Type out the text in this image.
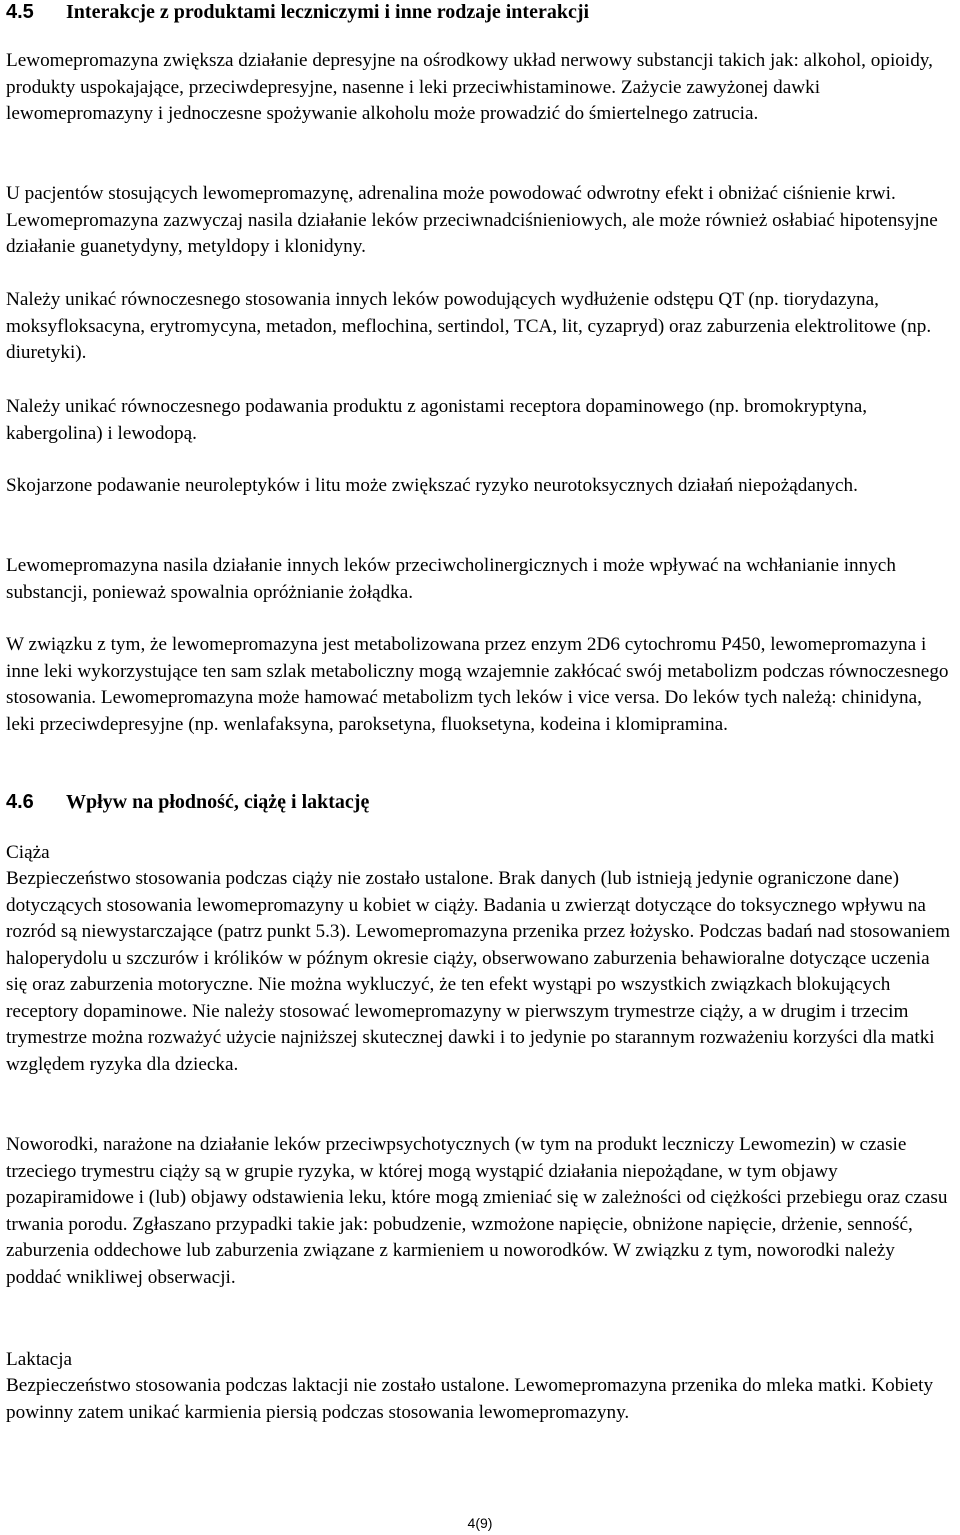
4.5 Interakcje z produktami leczniczymi i inne rodzaje interakcji

Lewomepromazyna zwiększa działanie depresyjne na ośrodkowy układ nerwowy substancji takich jak: alkohol, opioidy, produkty uspokajające, przeciwdepresyjne, nasenne i leki przeciwhistaminowe. Zażycie zawyżonej dawki lewomepromazyny i jednoczesne spożywanie alkoholu może prowadzić do śmiertelnego zatrucia.

U pacjentów stosujących lewomepromazynę, adrenalina może powodować odwrotny efekt i obniżać ciśnienie krwi. Lewomepromazyna zazwyczaj nasila działanie leków przeciwnadciśnieniowych, ale może również osłabiać hipotensyjne działanie guanetydyny, metyldopy i klonidyny.

Należy unikać równoczesnego stosowania innych leków powodujących wydłużenie odstępu QT (np. tiorydazyna, moksyfloksacyna, erytromycyna, metadon, meflochina, sertindol, TCA, lit, cyzapryd) oraz zaburzenia elektrolitowe (np. diuretyki).

Należy unikać równoczesnego podawania produktu z agonistami receptora dopaminowego (np. bromokryptyna, kabergolina) i lewodopą.

Skojarzone podawanie neuroleptyków i litu może zwiększać ryzyko neurotoksycznych działań niepożądanych.

Lewomepromazyna nasila działanie innych leków przeciwcholinergicznych i może wpływać na wchłanianie innych substancji, ponieważ spowalnia opróżnianie żołądka.

W związku z tym, że lewomepromazyna jest metabolizowana przez enzym 2D6 cytochromu P450, lewomepromazyna i inne leki wykorzystujące ten sam szlak metaboliczny mogą wzajemnie zakłócać swój metabolizm podczas równoczesnego stosowania. Lewomepromazyna może hamować metabolizm tych leków i vice versa. Do leków tych należą: chinidyna, leki przeciwdepresyjne (np. wenlafaksyna, paroksetyna, fluoksetyna, kodeina i klomipramina.

4.6 Wpływ na płodność, ciążę i laktację

Ciąża

Bezpieczeństwo stosowania podczas ciąży nie zostało ustalone. Brak danych (lub istnieją jedynie ograniczone dane) dotyczących stosowania lewomepromazyny u kobiet w ciąży. Badania u zwierząt dotyczące do toksycznego wpływu na rozród są niewystarczające (patrz punkt 5.3). Lewomepromazyna przenika przez łożysko. Podczas badań nad stosowaniem haloperydolu u szczurów i królików w późnym okresie ciąży, obserwowano zaburzenia behawioralne dotyczące uczenia się oraz zaburzenia motoryczne. Nie można wykluczyć, że ten efekt wystąpi po wszystkich związkach blokujących receptory dopaminowe. Nie należy stosować lewomepromazyny w pierwszym trymestrze ciąży, a w drugim i trzecim trymestrze można rozważyć użycie najniższej skutecznej dawki i to jedynie po starannym rozważeniu korzyści dla matki względem ryzyka dla dziecka.

Noworodki, narażone na działanie leków przeciwpsychotycznych (w tym na produkt leczniczy Lewomezin) w czasie trzeciego trymestru ciąży są w grupie ryzyka, w której mogą wystąpić działania niepożądane, w tym objawy pozapiramidowe i (lub) objawy odstawienia leku, które mogą zmieniać się w zależności od ciężkości przebiegu oraz czasu trwania porodu. Zgłaszano przypadki takie jak: pobudzenie, wzmożone napięcie, obniżone napięcie, drżenie, senność, zaburzenia oddechowe lub zaburzenia związane z karmieniem u noworodków. W związku z tym, noworodki należy poddać wnikliwej obserwacji.

Laktacja

Bezpieczeństwo stosowania podczas laktacji nie zostało ustalone. Lewomepromazyna przenika do mleka matki. Kobiety powinny zatem unikać karmienia piersią podczas stosowania lewomepromazyny.

4(9)
